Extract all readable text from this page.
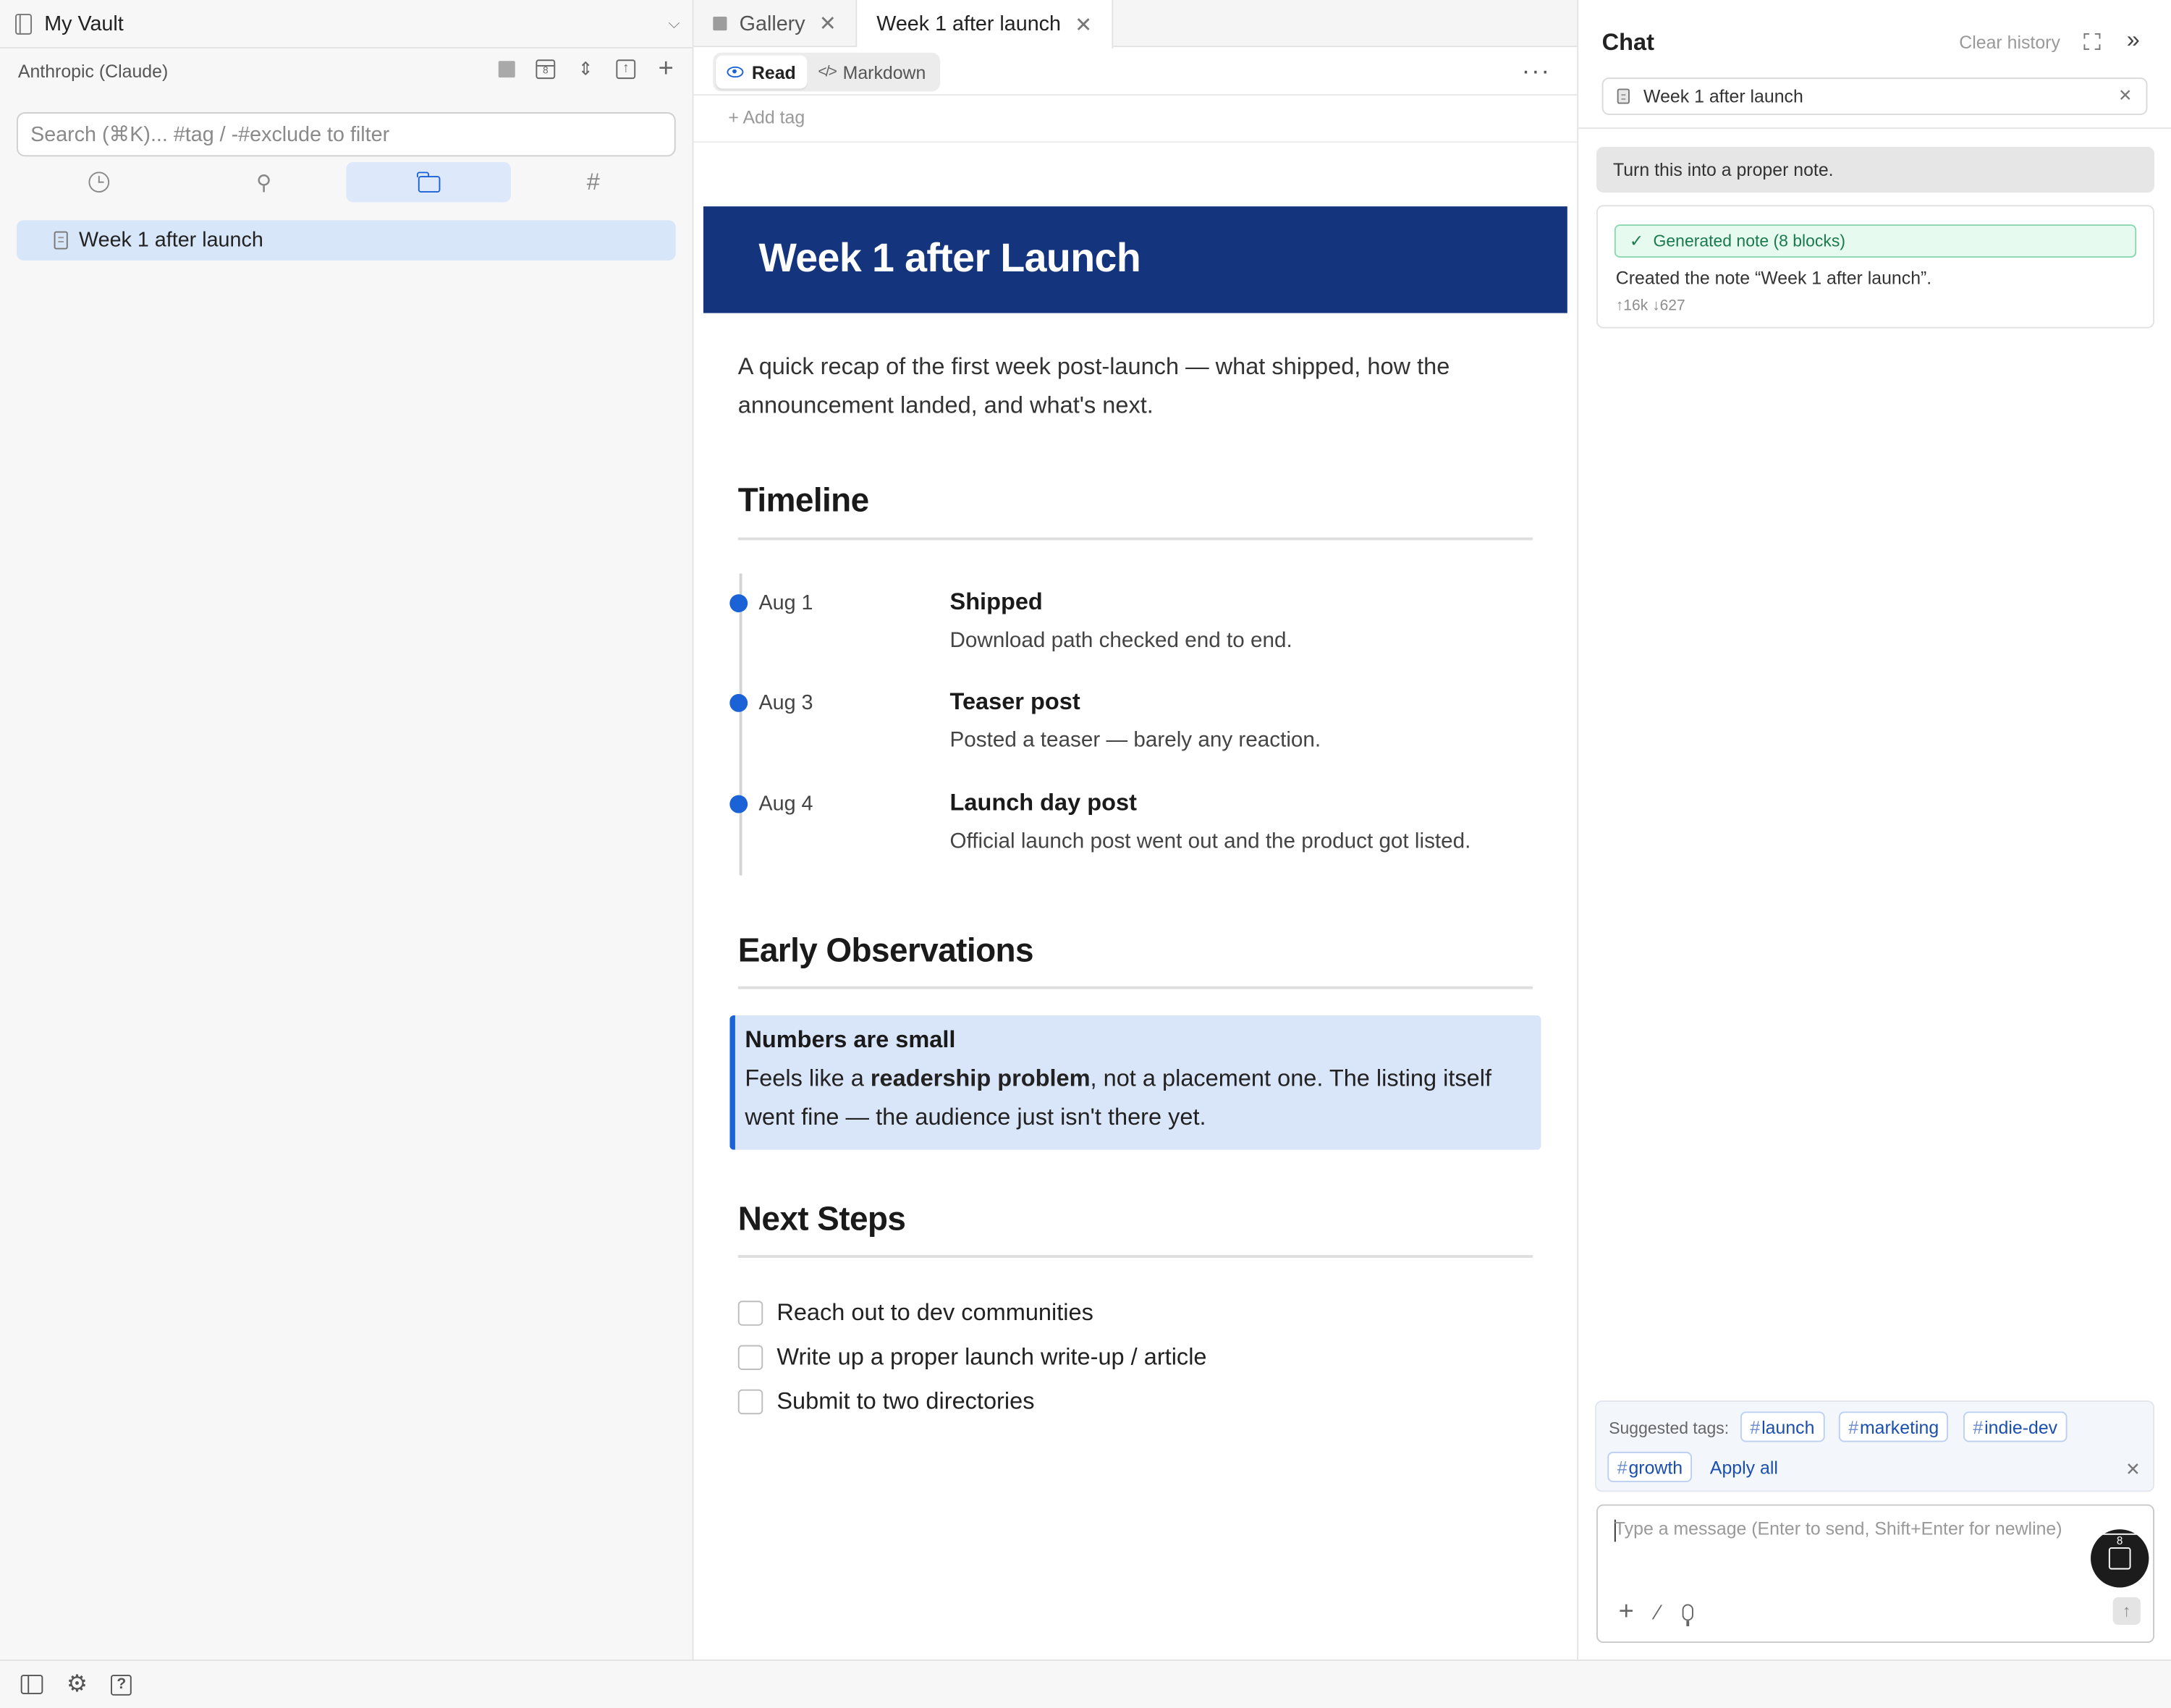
My Vault	⌵
Anthropic (Claude)
8	⇕	↑	+
Search (⌘K)... #tag / -#exclude to filter
⚲	#
Week 1 after launch
Gallery ✕	Week 1 after launch ✕
Read	</> Markdown	···
+ Add tag
Week 1 after Launch

A quick recap of the first week post-launch — what shipped, how the announcement landed, and what's next.

Timeline
Aug 1	Shipped
Download path checked end to end.
Aug 3	Teaser post
Posted a teaser — barely any reaction.
Aug 4	Launch day post
Official launch post went out and the product got listed.
Early Observations
Numbers are small
Feels like a readership problem, not a placement one. The listing itself went fine — the audience just isn't there yet.
Next Steps
Reach out to dev communities
Write up a proper launch write-up / article
Submit to two directories
Chat	Clear history	»
Week 1 after launch	✕
Turn this into a proper note.
✓ Generated note (8 blocks)
Created the note “Week 1 after launch”.
↑16k ↓627
Suggested tags: # launch	# marketing	# indie-dev
# growth	Apply all	✕
Type a message (Enter to send, Shift+Enter for newline)
+ ⁄	↑
8
⚙	?
